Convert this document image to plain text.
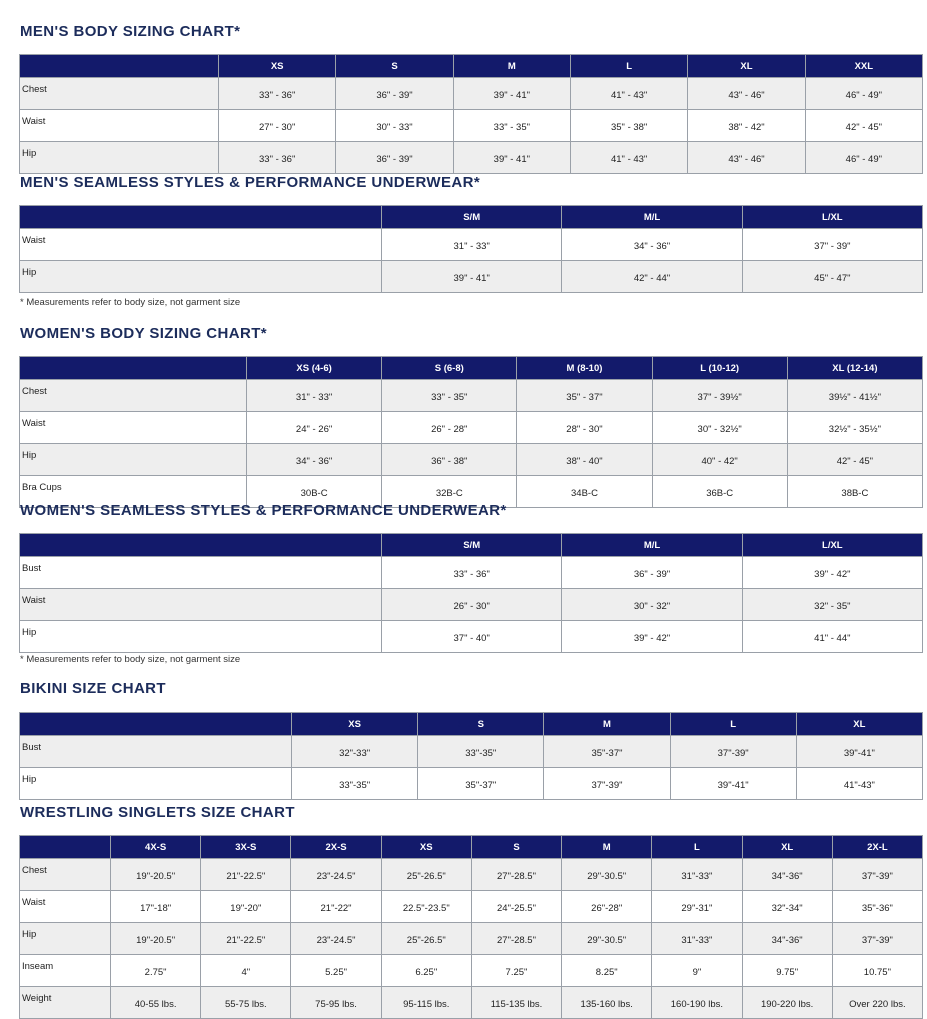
MEN'S BODY SIZING CHART*
	XS	S	M	L	XL	XXL
Chest	33" - 36"	36" - 39"	39" - 41"	41" - 43"	43" - 46"	46" - 49"
Waist	27" - 30"	30" - 33"	33" - 35"	35" - 38"	38" - 42"	42" - 45"
Hip	33" - 36"	36" - 39"	39" - 41"	41" - 43"	43" - 46"	46" - 49"
MEN'S SEAMLESS STYLES & PERFORMANCE UNDERWEAR*
	S/M	M/L	L/XL
Waist	31" - 33"	34" - 36"	37" - 39"
Hip	39" - 41"	42" - 44"	45" - 47"
* Measurements refer to body size, not garment size
WOMEN'S BODY SIZING CHART*
	XS (4-6)	S (6-8)	M (8-10)	L (10-12)	XL (12-14)
Chest	31" - 33"	33" - 35"	35" - 37"	37" - 39½"	39½" - 41½"
Waist	24" - 26"	26" - 28"	28" - 30"	30" - 32½"	32½" - 35½"
Hip	34" - 36"	36" - 38"	38" - 40"	40" - 42"	42" - 45"
Bra Cups	30B-C	32B-C	34B-C	36B-C	38B-C
WOMEN'S SEAMLESS STYLES & PERFORMANCE UNDERWEAR*
	S/M	M/L	L/XL
Bust	33" - 36"	36" - 39"	39" - 42"
Waist	26" - 30"	30" - 32"	32" - 35"
Hip	37" - 40"	39" - 42"	41" - 44"
* Measurements refer to body size, not garment size
BIKINI SIZE CHART
	XS	S	M	L	XL
Bust	32"-33"	33"-35"	35"-37"	37"-39"	39"-41"
Hip	33"-35"	35"-37"	37"-39"	39"-41"	41"-43"
WRESTLING SINGLETS SIZE CHART
	4X-S	3X-S	2X-S	XS	S	M	L	XL	2X-L
Chest	19"-20.5"	21"-22.5"	23"-24.5"	25"-26.5"	27"-28.5"	29"-30.5"	31"-33"	34"-36"	37"-39"
Waist	17"-18"	19"-20"	21"-22"	22.5"-23.5"	24"-25.5"	26"-28"	29"-31"	32"-34"	35"-36"
Hip	19"-20.5"	21"-22.5"	23"-24.5"	25"-26.5"	27"-28.5"	29"-30.5"	31"-33"	34"-36"	37"-39"
Inseam	2.75"	4"	5.25"	6.25"	7.25"	8.25"	9"	9.75"	10.75"
Weight	40-55 lbs.	55-75 lbs.	75-95 lbs.	95-115 lbs.	115-135 lbs.	135-160 lbs.	160-190 lbs.	190-220 lbs.	Over 220 lbs.
